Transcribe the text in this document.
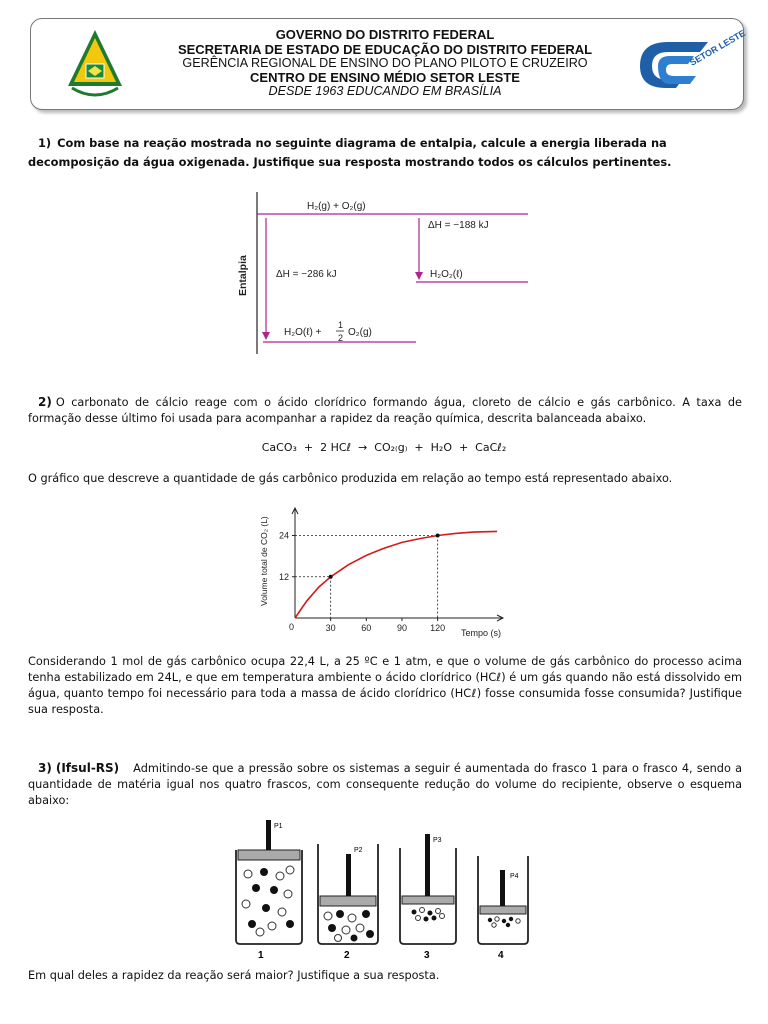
GOVERNO DO DISTRITO FEDERAL
SECRETARIA DE ESTADO DE EDUCAÇÃO DO DISTRITO FEDERAL
GERÊNCIA REGIONAL DE ENSINO DO PLANO PILOTO E CRUZEIRO
CENTRO DE ENSINO MÉDIO SETOR LESTE
DESDE 1963 EDUCANDO EM BRASÍLIA
SETOR LESTE
1) Com base na reação mostrada no seguinte diagrama de entalpia, calcule a energia liberada na decomposição da água oxigenada. Justifique sua resposta mostrando todos os cálculos pertinentes.
Entalpia
H₂(g) + O₂(g)
ΔH = −188 kJ
ΔH = −286 kJ	H₂O₂(ℓ)
H₂O(ℓ) +
1
2 O₂(g)
2) O carbonato de cálcio reage com o ácido clorídrico formando água, cloreto de cálcio e gás carbônico. A taxa de formação desse último foi usada para acompanhar a rapidez da reação química, descrita balanceada abaixo.
CaCO₃  +  2 HCℓ  →  CO₂₍g₎  +  H₂O  +  CaCℓ₂
O gráfico que descreve a quantidade de gás carbônico produzida em relação ao tempo está representado abaixo.
0	30	60	90	120
12
24
Tempo (s)
Volume total de CO₂ (L)
Considerando 1 mol de gás carbônico ocupa 22,4 L, a 25 ºC e 1 atm, e que o volume de gás carbônico do processo acima tenha estabilizado em 24L, e que em temperatura ambiente o ácido clorídrico (HCℓ) é um gás quando não está dissolvido em água, quanto tempo foi necessário para toda a massa de ácido clorídrico (HCℓ) fosse consumida fosse consumida? Justifique sua resposta.
3) (Ifsul-RS) Admitindo-se que a pressão sobre os sistemas a seguir é aumentada do frasco 1 para o frasco 4, sendo a quantidade de matéria igual nos quatro frascos, com consequente redução do volume do recipiente, observe o esquema abaixo:
P1
1
P2
2
P3
3
P4
4
Em qual deles a rapidez da reação será maior? Justifique a sua resposta.
